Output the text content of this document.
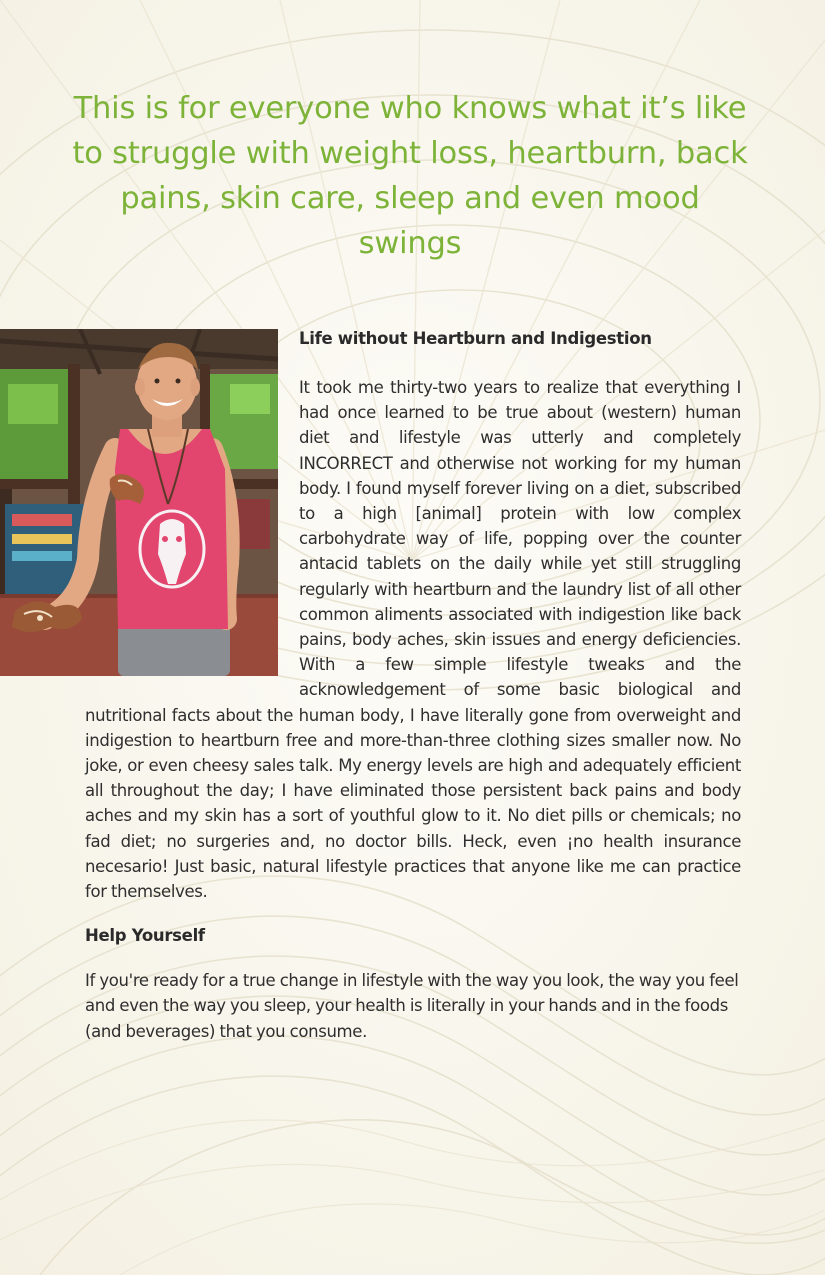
This is for everyone who knows what it’s like to struggle with weight loss, heartburn, back pains, skin care, sleep and even mood swings
Life without Heartburn and Indigestion

It took me thirty-two years to realize that everything I had once learned to be true about (western) human diet and lifestyle was utterly and completely INCORRECT and otherwise not working for my human body. I found myself forever living on a diet, subscribed to a high [animal] protein with low complex carbohydrate way of life, popping over the counter antacid tablets on the daily while yet still struggling regularly with heartburn and the laundry list of all other common aliments associated with indigestion like back pains, body aches, skin issues and energy deficiencies. With a few simple lifestyle tweaks and the acknowledgement of some basic biological and nutritional facts about the human body, I have literally gone from overweight and indigestion to heartburn free and more-than-three clothing sizes smaller now. No joke, or even cheesy sales talk. My energy levels are high and adequately efficient all throughout the day; I have eliminated those persistent back pains and body aches and my skin has a sort of youthful glow to it. No diet pills or chemicals; no fad diet; no surgeries and, no doctor bills. Heck, even ¡no health insurance necesario! Just basic, natural lifestyle practices that anyone like me can practice for themselves.

Help Yourself

If you're ready for a true change in lifestyle with the way you look, the way you feel and even the way you sleep, your health is literally in your hands and in the foods (and beverages) that you consume.
